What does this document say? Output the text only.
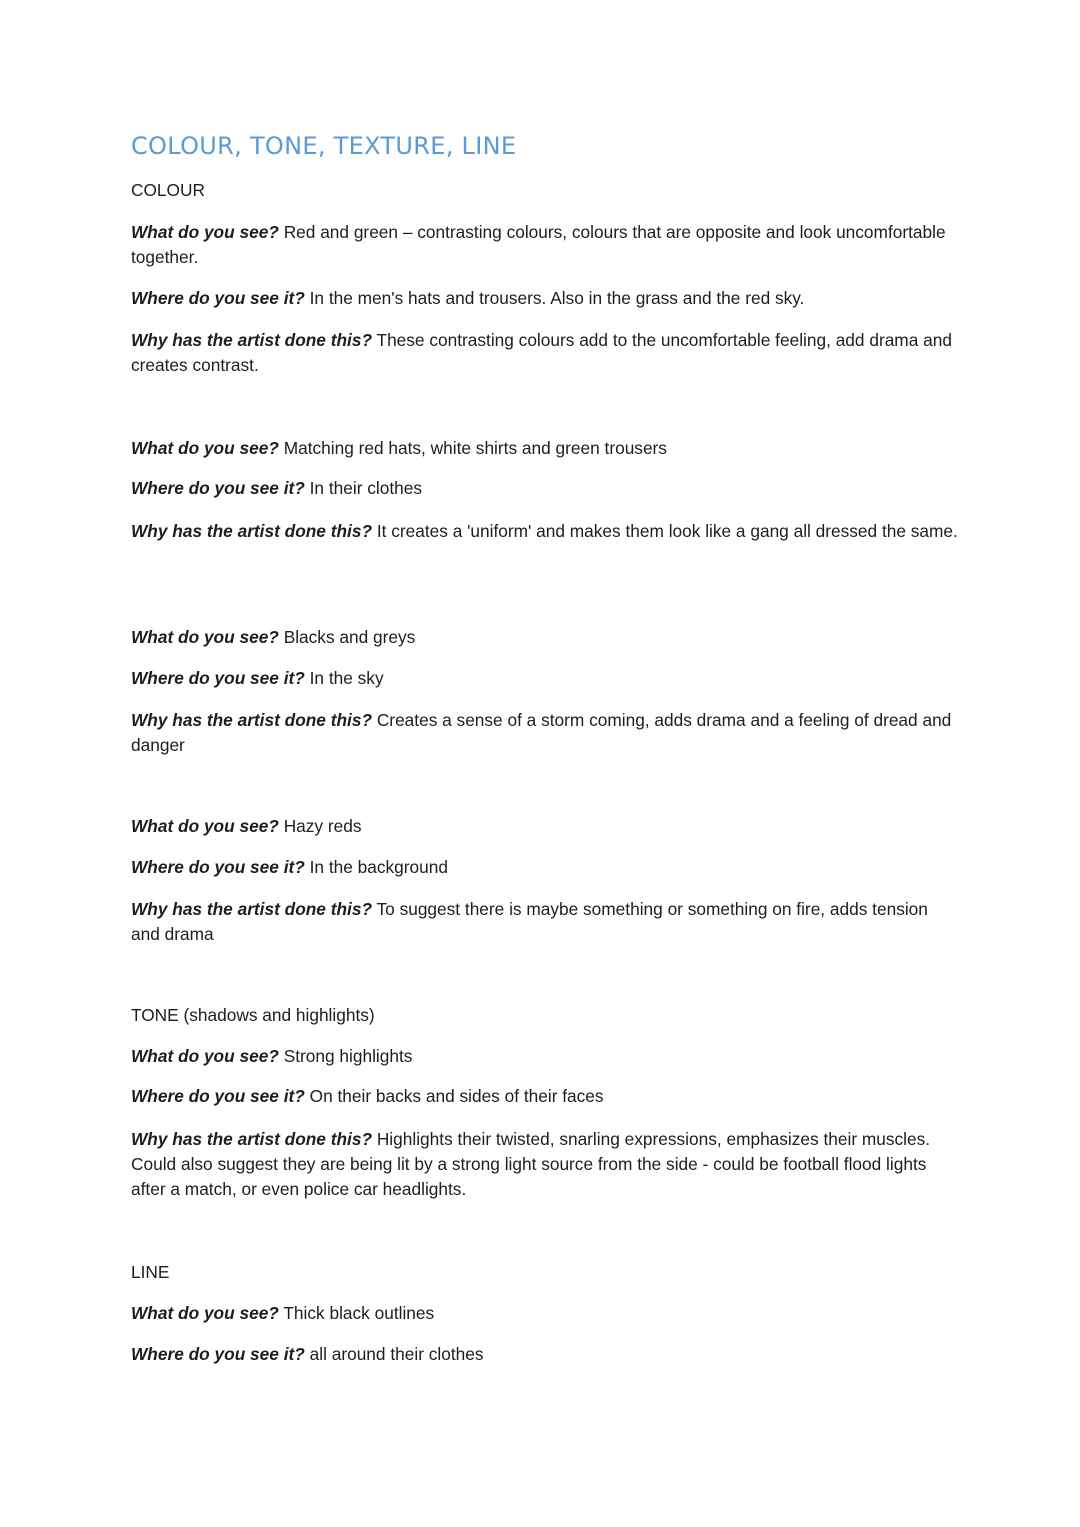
COLOUR, TONE, TEXTURE, LINE

COLOUR

What do you see? Red and green – contrasting colours, colours that are opposite and look uncomfortable together.

Where do you see it? In the men's hats and trousers. Also in the grass and the red sky.

Why has the artist done this? These contrasting colours add to the uncomfortable feeling, add drama and creates contrast.

What do you see? Matching red hats, white shirts and green trousers

Where do you see it? In their clothes

Why has the artist done this? It creates a 'uniform' and makes them look like a gang all dressed the same.

What do you see? Blacks and greys

Where do you see it? In the sky

Why has the artist done this? Creates a sense of a storm coming, adds drama and a feeling of dread and danger

What do you see? Hazy reds

Where do you see it? In the background

Why has the artist done this? To suggest there is maybe something or something on fire, adds tension and drama

TONE (shadows and highlights)

What do you see? Strong highlights

Where do you see it? On their backs and sides of their faces

Why has the artist done this? Highlights their twisted, snarling expressions, emphasizes their muscles. Could also suggest they are being lit by a strong light source from the side - could be football flood lights after a match, or even police car headlights.

LINE

What do you see? Thick black outlines

Where do you see it? all around their clothes
